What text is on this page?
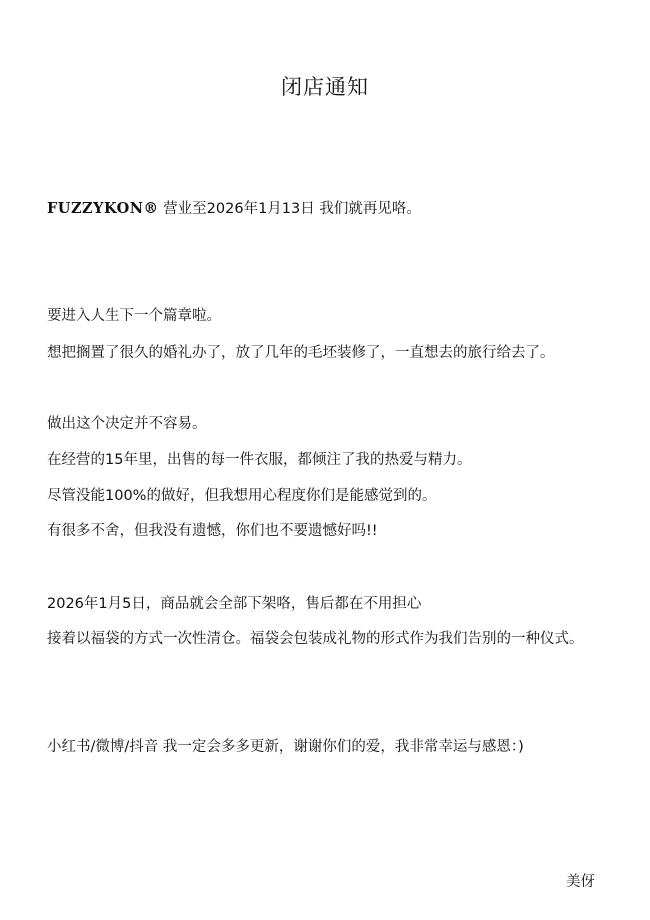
闭店通知
FUZZYKON® 营业至2026年1月13日 我们就再见咯。
要进入人生下一个篇章啦。
想把搁置了很久的婚礼办了，放了几年的毛坯装修了，一直想去的旅行给去了。
做出这个决定并不容易。
在经营的15年里，出售的每一件衣服，都倾注了我的热爱与精力。
尽管没能100%的做好，但我想用心程度你们是能感觉到的。
有很多不舍，但我没有遗憾，你们也不要遗憾好吗!!
2026年1月5日，商品就会全部下架咯，售后都在不用担心
接着以福袋的方式一次性清仓。福袋会包装成礼物的形式作为我们告别的一种仪式。
小红书/微博/抖音 我一定会多多更新，谢谢你们的爱，我非常幸运与感恩：)
美伢
